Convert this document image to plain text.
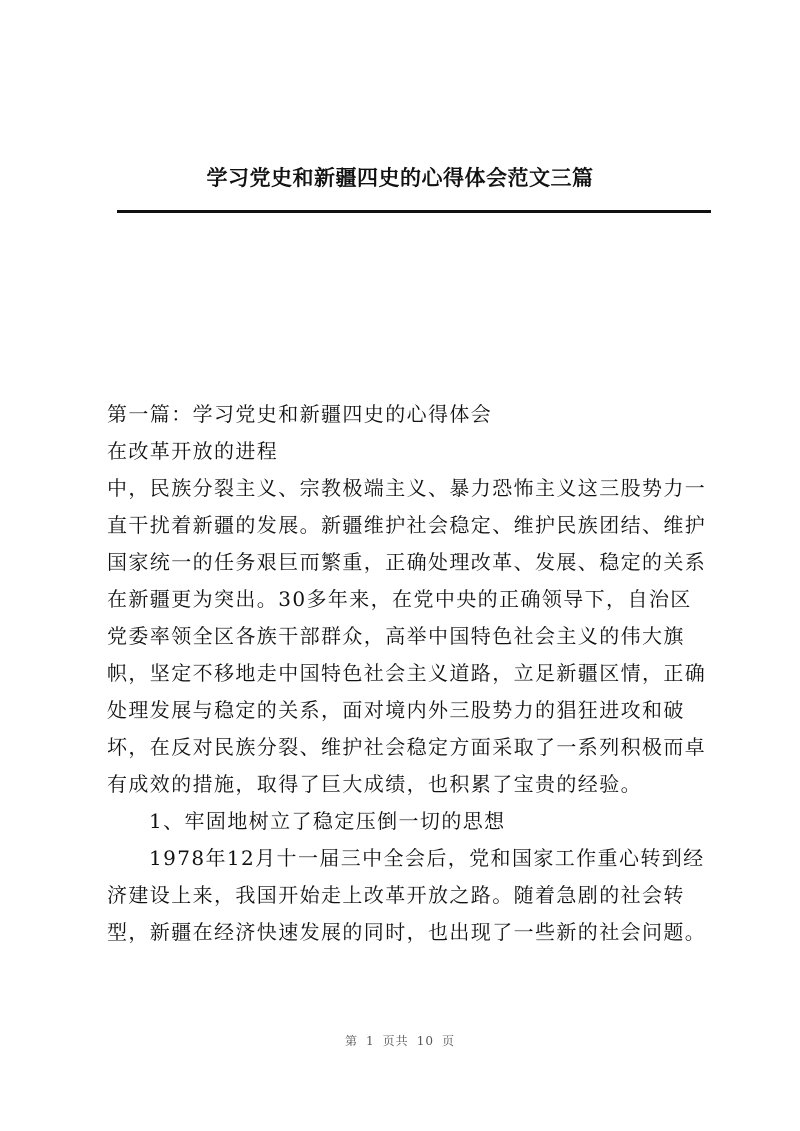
学习党史和新疆四史的心得体会范文三篇
第一篇：学习党史和新疆四史的心得体会
在改革开放的进程
中，民族分裂主义、宗教极端主义、暴力恐怖主义这三股势力一
直干扰着新疆的发展。新疆维护社会稳定、维护民族团结、维护
国家统一的任务艰巨而繁重，正确处理改革、发展、稳定的关系
在新疆更为突出。30多年来，在党中央的正确领导下，自治区
党委率领全区各族干部群众，高举中国特色社会主义的伟大旗
帜，坚定不移地走中国特色社会主义道路，立足新疆区情，正确
处理发展与稳定的关系，面对境内外三股势力的猖狂进攻和破
坏，在反对民族分裂、维护社会稳定方面采取了一系列积极而卓
有成效的措施，取得了巨大成绩，也积累了宝贵的经验。
1、牢固地树立了稳定压倒一切的思想
1978年12月十一届三中全会后，党和国家工作重心转到经
济建设上来，我国开始走上改革开放之路。随着急剧的社会转
型，新疆在经济快速发展的同时，也出现了一些新的社会问题。
第 1 页共 10 页
